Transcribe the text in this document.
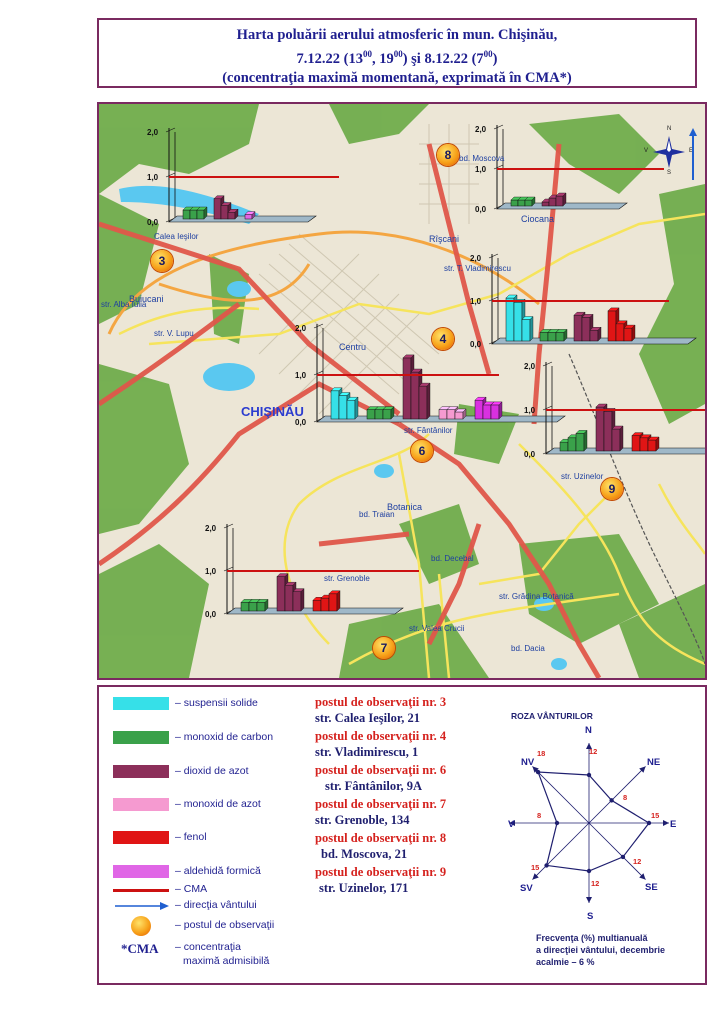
Harta poluării aerului atmosferic în mun. Chişinău,
7.12.22 ($13^{00}$, $19^{00}$) şi 8.12.22 $(7^{00})$
(concentraţia maximă momentană, exprimată în CMA*)
0,0
1,0
2,0
0,0
1,0
2,0
0,0
1,0
2,0
0,0
1,0
2,0
0,0
1,0
2,0
0,0
1,0
2,0
Buiucani
Centru
Rîşcani
Ciocana
Botanica
CHIŞINĂU
Calea Ieşilor
str. V. Lupu
str. Alba Iulia
str. Uzinelor
str. Grenoble
str. Valea Crucii
str. Grădina Botanică
bd. Dacia
str. T. Vladimirescu
bd. Moscova
str. Fântânilor
bd. Decebal
bd. Traian
3
4
6
7
8
9
N
E
V
S
– suspensii solide
– monoxid de carbon
– dioxid de azot
– monoxid de azot
– fenol
– aldehidă formică
– CMA
– direcţia vântului
– postul de observaţii
*CMA – concentraţia
maximă admisibilă
postul de observaţii nr. 3
str. Calea Ieşilor, 21
postul de observaţii nr. 4
str. Vladimirescu, 1
postul de observaţii nr. 6
str. Fântânilor, 9A
postul de observaţii nr. 7
str. Grenoble, 134
postul de observaţii nr. 8
bd. Moscova, 21
postul de observaţii nr. 9
str. Uzinelor, 171
ROZA VÂNTURILOR
Frecvenţa (%) multianuală
a direcţiei vântului, decembrie
acalmie – 6 %
N
12
NE
8
E
15
SE
12
S
12
SV
15
V
8
NV
18
